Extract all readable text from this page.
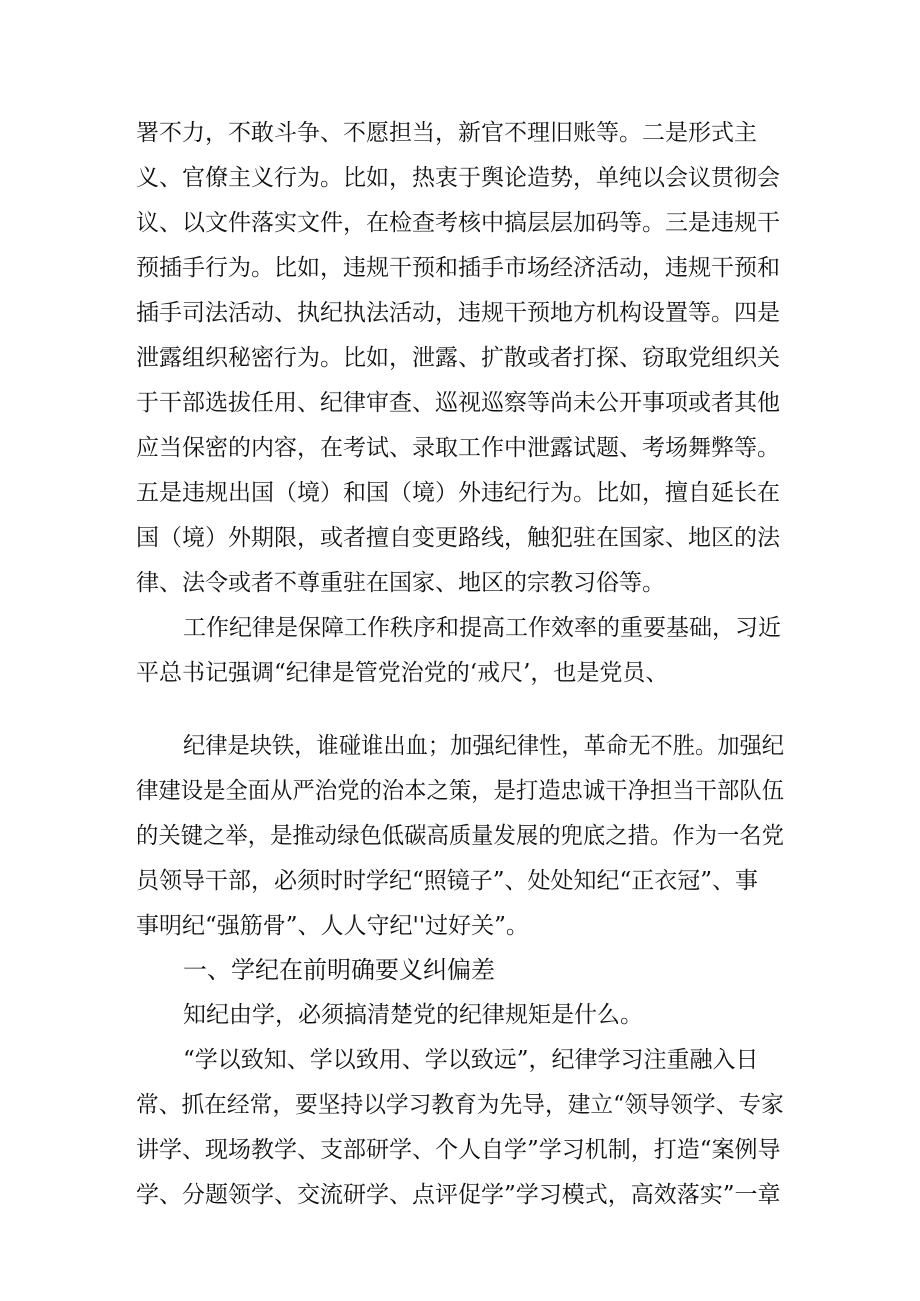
署不力，不敢斗争、不愿担当，新官不理旧账等。二是形式主
义、官僚主义行为。比如，热衷于舆论造势，单纯以会议贯彻会
议、以文件落实文件，在检查考核中搞层层加码等。三是违规干
预插手行为。比如，违规干预和插手市场经济活动，违规干预和
插手司法活动、执纪执法活动，违规干预地方机构设置等。四是
泄露组织秘密行为。比如，泄露、扩散或者打探、窃取党组织关
于干部选拔任用、纪律审查、巡视巡察等尚未公开事项或者其他
应当保密的内容，在考试、录取工作中泄露试题、考场舞弊等。
五是违规出国（境）和国（境）外违纪行为。比如，擅自延长在
国（境）外期限，或者擅自变更路线，触犯驻在国家、地区的法
律、法令或者不尊重驻在国家、地区的宗教习俗等。
工作纪律是保障工作秩序和提高工作效率的重要基础，习近
平总书记强调“纪律是管党治党的‘戒尺’，也是党员、
纪律是块铁，谁碰谁出血；加强纪律性，革命无不胜。加强纪
律建设是全面从严治党的治本之策，是打造忠诚干净担当干部队伍
的关键之举，是推动绿色低碳高质量发展的兜底之措。作为一名党
员领导干部，必须时时学纪“照镜子”、处处知纪“正衣冠”、事
事明纪“强筋骨”、人人守纪''过好关”。
一、学纪在前明确要义纠偏差
知纪由学，必须搞清楚党的纪律规矩是什么。
“学以致知、学以致用、学以致远”，纪律学习注重融入日
常、抓在经常，要坚持以学习教育为先导，建立“领导领学、专家
讲学、现场教学、支部研学、个人自学”学习机制，打造“案例导
学、分题领学、交流研学、点评促学”学习模式，高效落实”一章
